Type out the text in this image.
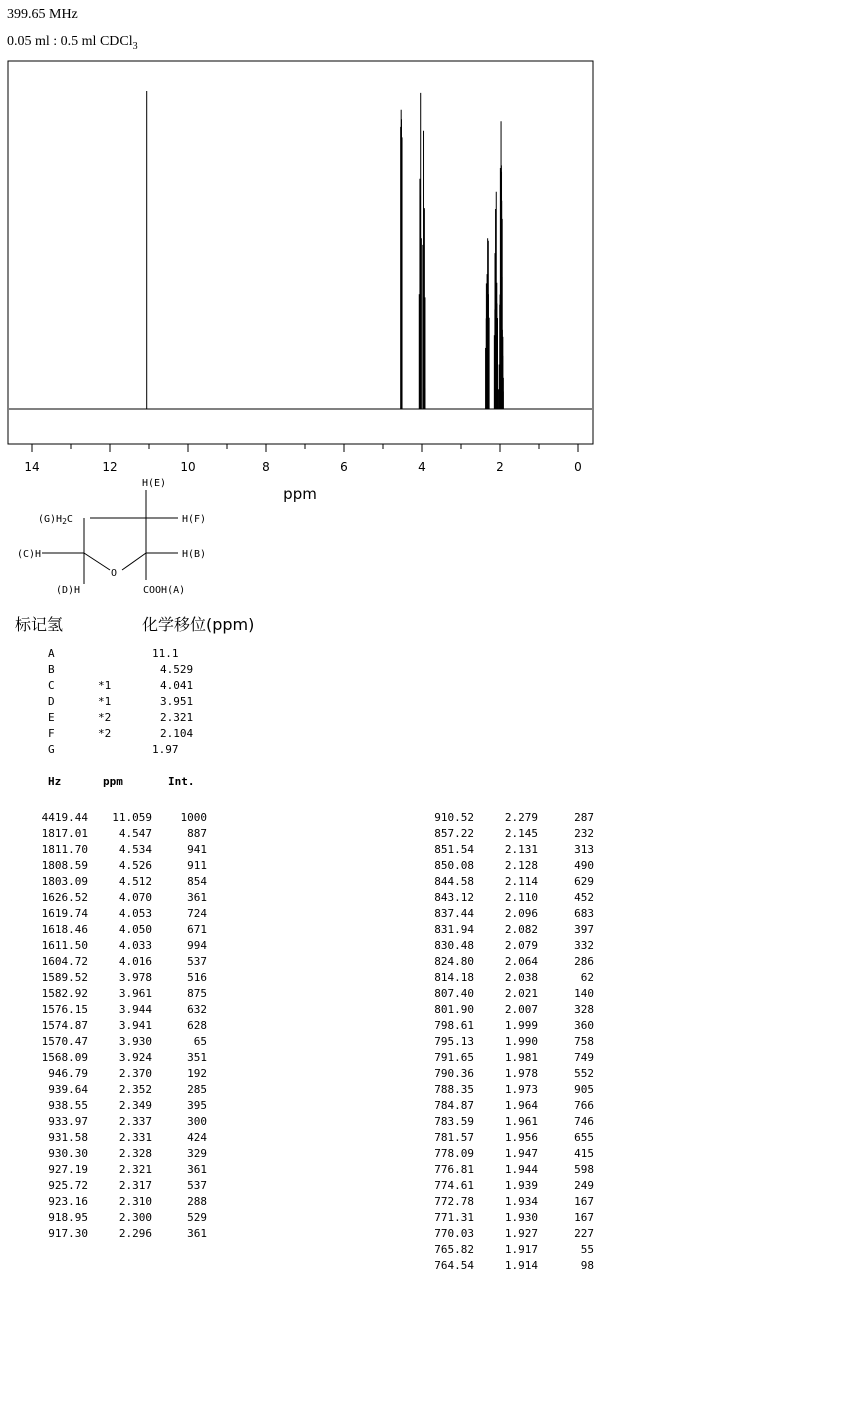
399.65 MHz
0.05 ml : 0.5 ml CDCl$_3$
14	12	10	8	6	4	2	0
ppm
H(E)
$(G)H_2C$	H(F)
(C)H	H(B)
O
(D)H	COOH(A)
标记氢	化学移位(ppm)
A	11.1
B	4.529
C	*1	4.041
D	*1	3.951
E	*2	2.321
F	*2	2.104
G	1.97
Hz	ppm	Int.
4419.44	11.059	1000
1817.01	4.547	887
1811.70	4.534	941
1808.59	4.526	911
1803.09	4.512	854
1626.52	4.070	361
1619.74	4.053	724
1618.46	4.050	671
1611.50	4.033	994
1604.72	4.016	537
1589.52	3.978	516
1582.92	3.961	875
1576.15	3.944	632
1574.87	3.941	628
1570.47	3.930	65
1568.09	3.924	351
946.79	2.370	192
939.64	2.352	285
938.55	2.349	395
933.97	2.337	300
931.58	2.331	424
930.30	2.328	329
927.19	2.321	361
925.72	2.317	537
923.16	2.310	288
918.95	2.300	529
917.30	2.296	361
910.52	2.279	287
857.22	2.145	232
851.54	2.131	313
850.08	2.128	490
844.58	2.114	629
843.12	2.110	452
837.44	2.096	683
831.94	2.082	397
830.48	2.079	332
824.80	2.064	286
814.18	2.038	62
807.40	2.021	140
801.90	2.007	328
798.61	1.999	360
795.13	1.990	758
791.65	1.981	749
790.36	1.978	552
788.35	1.973	905
784.87	1.964	766
783.59	1.961	746
781.57	1.956	655
778.09	1.947	415
776.81	1.944	598
774.61	1.939	249
772.78	1.934	167
771.31	1.930	167
770.03	1.927	227
765.82	1.917	55
764.54	1.914	98
